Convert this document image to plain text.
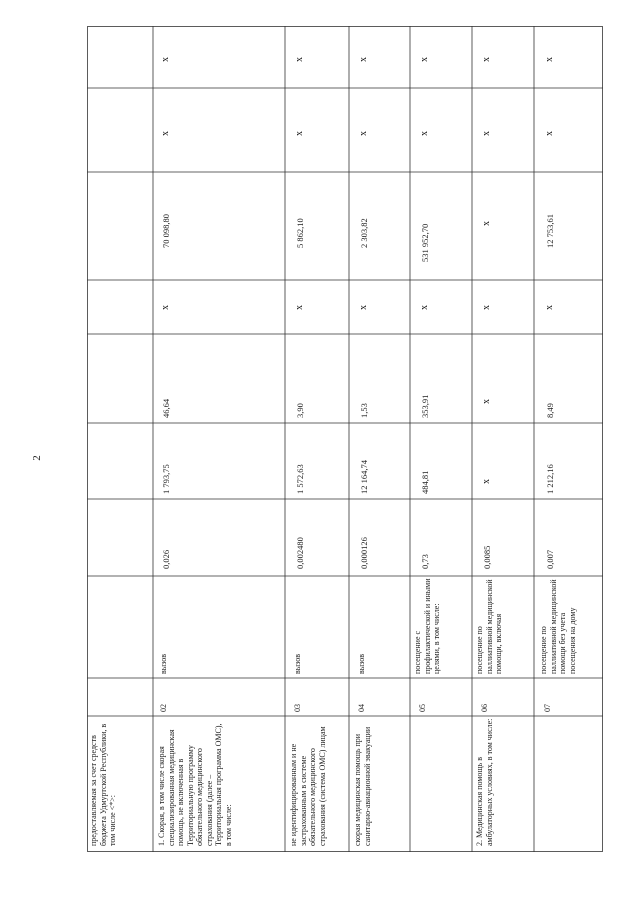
2
предоставляемая за счет средств бюджета Удмуртской Республики, в том числе <*>:	1. Скорая, в том числе скорая специализированная медицинская помощь, не включенная в Территориальную программу обязательного медицинского страхования (далее – Территориальная программа ОМС), в том числе:
02
вызов
0,026
1 793,75
46,64
x
70 098,80
x
x
не идентифицированным и не застрахованным в системе обязательного медицинского страхования (система ОМС) лицам
03
вызов
0,002480
1 572,63
3,90
x
5 862,10
x
x
скорая медицинская помощь при санитарно-авиационной эвакуации
04
вызов
0,000126
12 164,74
1,53
x
2 303,82
x
x
05
посещение с профилактической и иными целями, в том числе:
0,73
484,81
353,91
x
531 952,70
x
x
2. Медицинская помощь в амбулаторных условиях, в том числе:
06
посещение по паллиативной медицинской помощи, включая
0,0085
x
x
x
x
x
x
07
посещение по паллиативной медицинской помощи без учета посещения на дому
0,007
1 212,16
8,49
x
12 753,61
x
x
